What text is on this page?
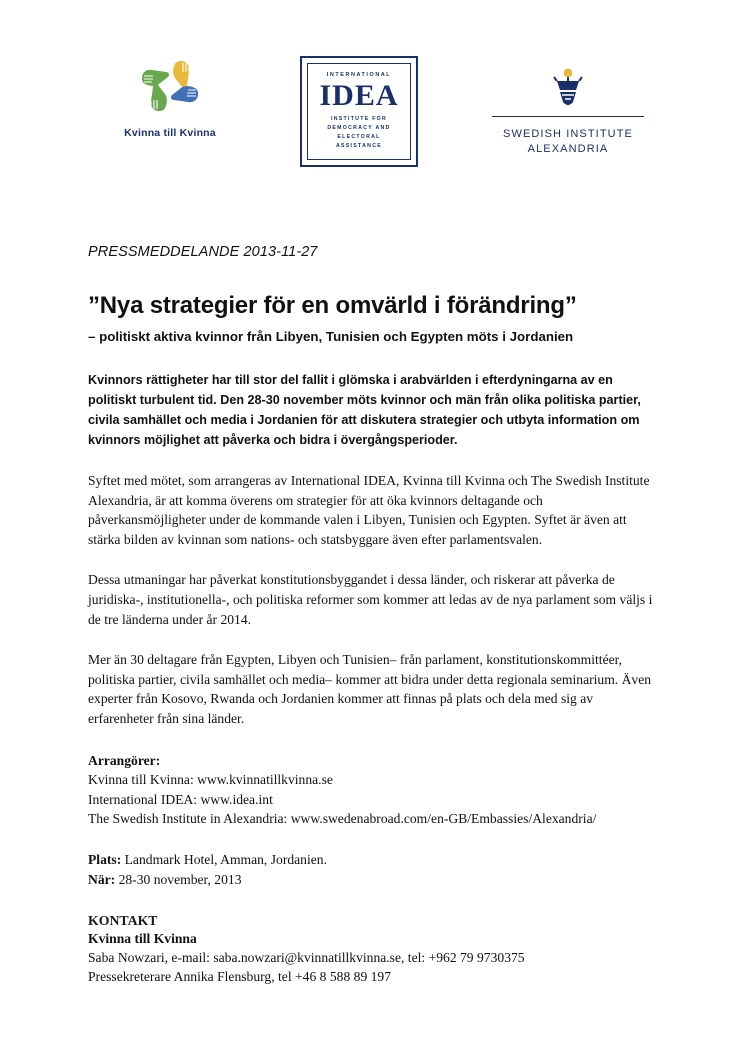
Kvinna till Kvinna
INTERNATIONAL
IDEA
INSTITUTE FOR
DEMOCRACY AND
ELECTORAL
ASSISTANCE
SWEDISH INSTITUTE
ALEXANDRIA
PRESSMEDDELANDE 2013-11-27
”Nya strategier för en omvärld i förändring”
– politiskt aktiva kvinnor från Libyen, Tunisien och Egypten möts i Jordanien
Kvinnors rättigheter har till stor del fallit i glömska i arabvärlden i efterdyningarna av en politiskt turbulent tid. Den 28-30 november möts kvinnor och män från olika politiska partier, civila samhället och media i Jordanien för att diskutera strategier och utbyta information om kvinnors möjlighet att påverka och bidra i övergångsperioder.

Syftet med mötet, som arrangeras av International IDEA, Kvinna till Kvinna och The Swedish Institute Alexandria, är att komma överens om strategier för att öka kvinnors deltagande och påverkansmöjligheter under de kommande valen i Libyen, Tunisien och Egypten. Syftet är även att stärka bilden av kvinnan som nations- och statsbyggare även efter parlamentsvalen.

Dessa utmaningar har påverkat konstitutionsbyggandet i dessa länder, och riskerar att påverka de juridiska-, institutionella-, och politiska reformer som kommer att ledas av de nya parlament som väljs i de tre länderna under år 2014.

Mer än 30 deltagare från Egypten, Libyen och Tunisien– från parlament, konstitutionskommittéer, politiska partier, civila samhället och media– kommer att bidra under detta regionala seminarium. Även experter från Kosovo, Rwanda och Jordanien kommer att finnas på plats och dela med sig av erfarenheter från sina länder.

Arrangörer:
Kvinna till Kvinna: www.kvinnatillkvinna.se
International IDEA: www.idea.int
The Swedish Institute in Alexandria: www.swedenabroad.com/en-GB/Embassies/Alexandria/
Plats: Landmark Hotel, Amman, Jordanien.
När: 28-30 november, 2013
KONTAKT
Kvinna till Kvinna
Saba Nowzari, e-mail: saba.nowzari@kvinnatillkvinna.se, tel: +962 79 9730375
Pressekreterare Annika Flensburg, tel +46 8 588 89 197
